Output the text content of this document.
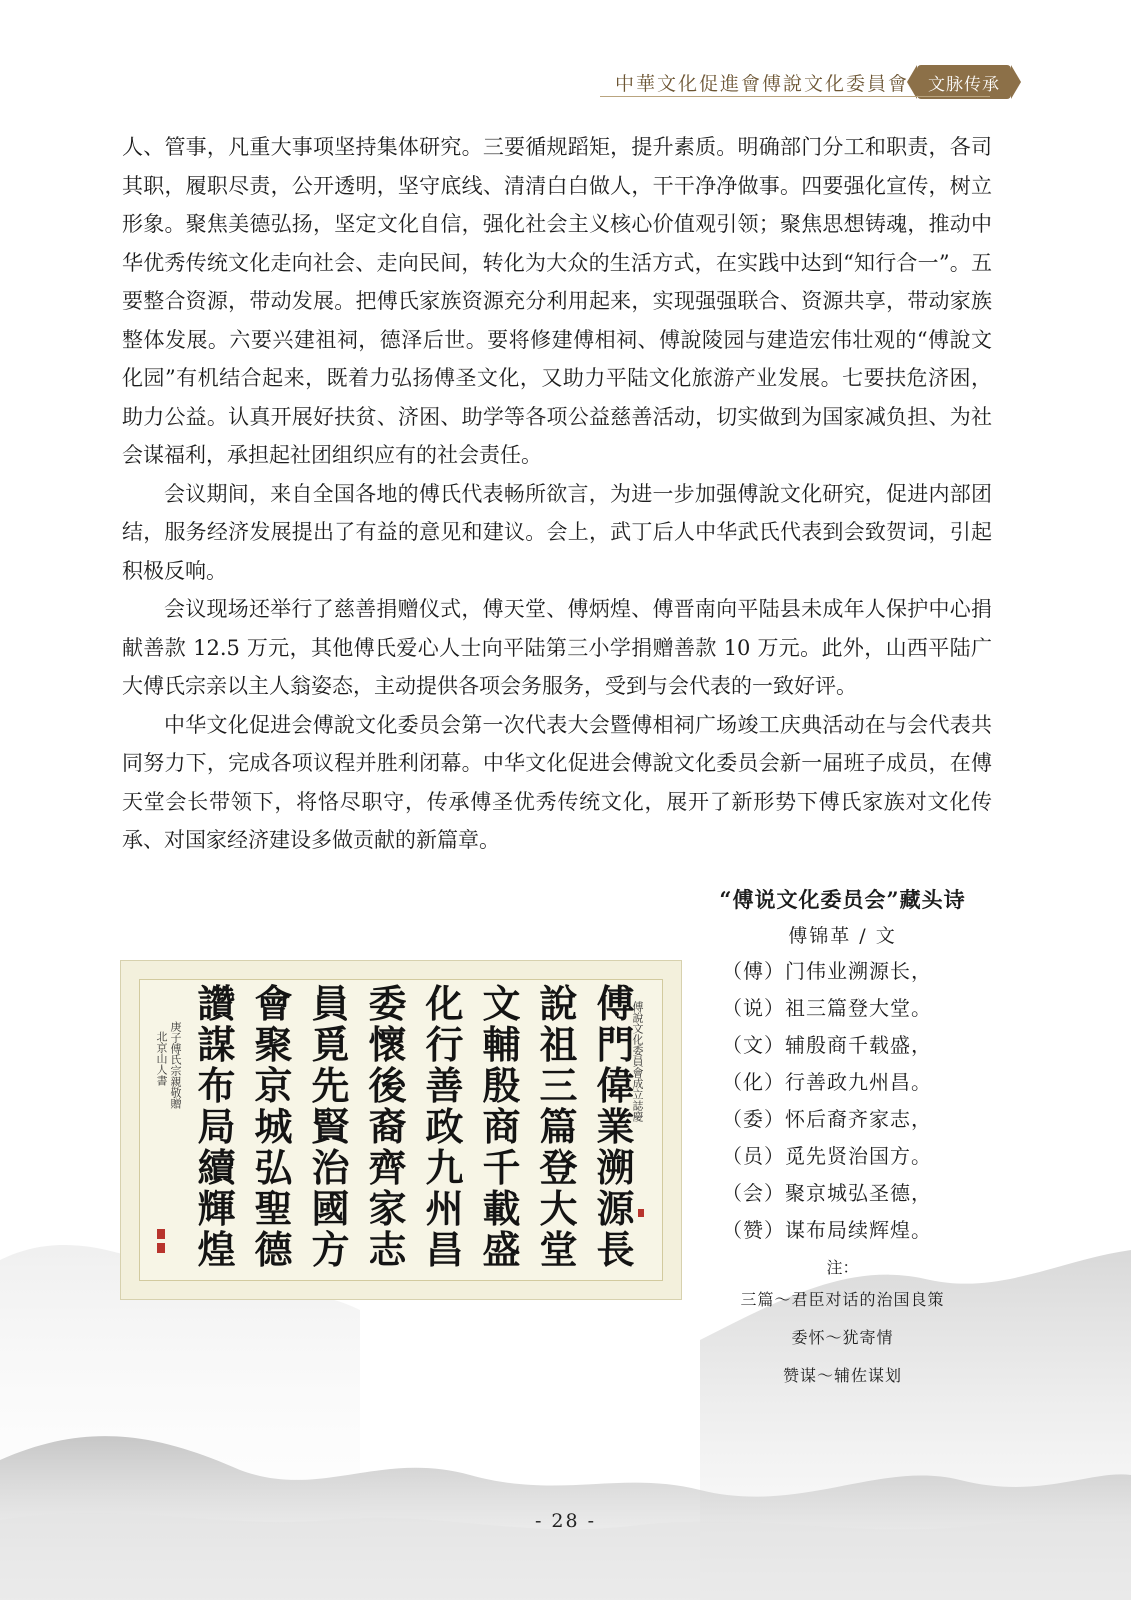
中華文化促進會傅說文化委員會	文脉传承

人、管事，凡重大事项坚持集体研究。三要循规蹈矩，提升素质。明确部门分工和职责，各司其职，履职尽责，公开透明，坚守底线、清清白白做人，干干净净做事。四要强化宣传，树立形象。聚焦美德弘扬，坚定文化自信，强化社会主义核心价值观引领；聚焦思想铸魂，推动中华优秀传统文化走向社会、走向民间，转化为大众的生活方式，在实践中达到“知行合一”。五要整合资源，带动发展。把傅氏家族资源充分利用起来，实现强强联合、资源共享，带动家族整体发展。六要兴建祖祠，德泽后世。要将修建傅相祠、傅說陵园与建造宏伟壮观的“傅說文化园”有机结合起来，既着力弘扬傅圣文化，又助力平陆文化旅游产业发展。七要扶危济困，助力公益。认真开展好扶贫、济困、助学等各项公益慈善活动，切实做到为国家减负担、为社会谋福利，承担起社团组织应有的社会责任。

会议期间，来自全国各地的傅氏代表畅所欲言，为进一步加强傅說文化研究，促进内部团结，服务经济发展提出了有益的意见和建议。会上，武丁后人中华武氏代表到会致贺词，引起积极反响。

会议现场还举行了慈善捐赠仪式，傅天堂、傅炳煌、傅晋南向平陆县未成年人保护中心捐献善款 12.5 万元，其他傅氏爱心人士向平陆第三小学捐赠善款 10 万元。此外，山西平陆广大傅氏宗亲以主人翁姿态，主动提供各项会务服务，受到与会代表的一致好评。

中华文化促进会傅說文化委员会第一次代表大会暨傅相祠广场竣工庆典活动在与会代表共同努力下，完成各项议程并胜利闭幕。中华文化促进会傅說文化委员会新一届班子成员，在傅天堂会长带领下，将恪尽职守，传承傅圣优秀传统文化，展开了新形势下傅氏家族对文化传承、对国家经济建设多做贡献的新篇章。

傅
門
偉
業
溯
源
長
說
祖
三
篇
登
大
堂
文
輔
殷
商
千
載
盛
化
行
善
政
九
州
昌
委
懷
後
裔
齊
家
志
員
覓
先
賢
治
國
方
會
聚
京
城
弘
聖
德
讚
謀
布
局
續
輝
煌
傅說文化委員會成立誌慶
庚子傅氏宗親敬贈
北京山人書
“傅说文化委员会”藏头诗
傅锦革 / 文
（傅）门伟业溯源长，
（说）祖三篇登大堂。
（文）辅殷商千载盛，
（化）行善政九州昌。
（委）怀后裔齐家志，
（员）觅先贤治国方。
（会）聚京城弘圣德，
（赞）谋布局续辉煌。
注：
三篇～君臣对话的治国良策
委怀～犹寄情
赞谋～辅佐谋划
- 28 -
